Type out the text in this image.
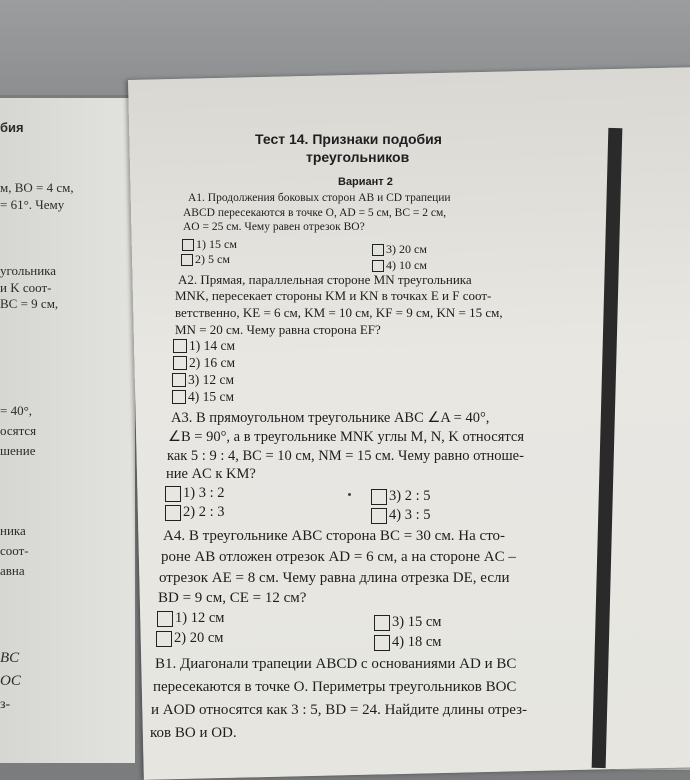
бия
м, BO = 4 см,
= 61°. Чему
угольника
и K соот-
BC = 9 см,
= 40°,
осятся
шение
ника
соот-
авна
BC
OC
з-
Тест 14. Признаки подобия
треугольников
Вариант 2
А1. Продолжения боковых сторон AB и CD трапеции
ABCD пересекаются в точке O, AD = 5 см, BC = 2 см,
AO = 25 см. Чему равен отрезок BO?
1) 15 см
2) 5 см
3) 20 см
4) 10 см
А2. Прямая, параллельная стороне MN треугольника
MNK, пересекает стороны KM и KN в точках E и F соот-
ветственно, KE = 6 см, KM = 10 см, KF = 9 см, KN = 15 см,
MN = 20 см. Чему равна сторона EF?
1) 14 см
2) 16 см
3) 12 см
4) 15 см
А3. В прямоугольном треугольнике ABC ∠A = 40°,
∠B = 90°, а в треугольнике MNK углы M, N, K относятся
как 5 : 9 : 4, BC = 10 см, NM = 15 см. Чему равно отноше-
ние AC к KM?
1) 3 : 2
2) 2 : 3
3) 2 : 5
4) 3 : 5
А4. В треугольнике ABC сторона BC = 30 см. На сто-
роне AB отложен отрезок AD = 6 см, а на стороне AC –
отрезок AE = 8 см. Чему равна длина отрезка DE, если
BD = 9 см, CE = 12 см?
1) 12 см
2) 20 см
3) 15 см
4) 18 см
В1. Диагонали трапеции ABCD с основаниями AD и BC
пересекаются в точке O. Периметры треугольников BOC
и AOD относятся как 3 : 5, BD = 24. Найдите длины отрез-
ков BO и OD.
